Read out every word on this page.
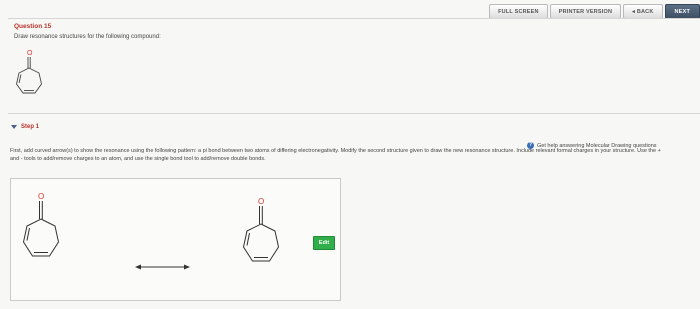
FULL SCREEN	PRINTER VERSION	◂ BACK	NEXT
Question 15
Draw resonance structures for the following compound:
O
Step 1
? Get help answering Molecular Drawing questions
First, add curved arrow(s) to show the resonance using the following pattern: a pi bond between two atoms of differing electronegativity. Modify the second structure given to draw the new resonance structure. Include relevant formal charges in your structure. Use the + and - tools to add/remove charges to an atom, and use the single bond tool to add/remove double bonds.
O
O
Edit
